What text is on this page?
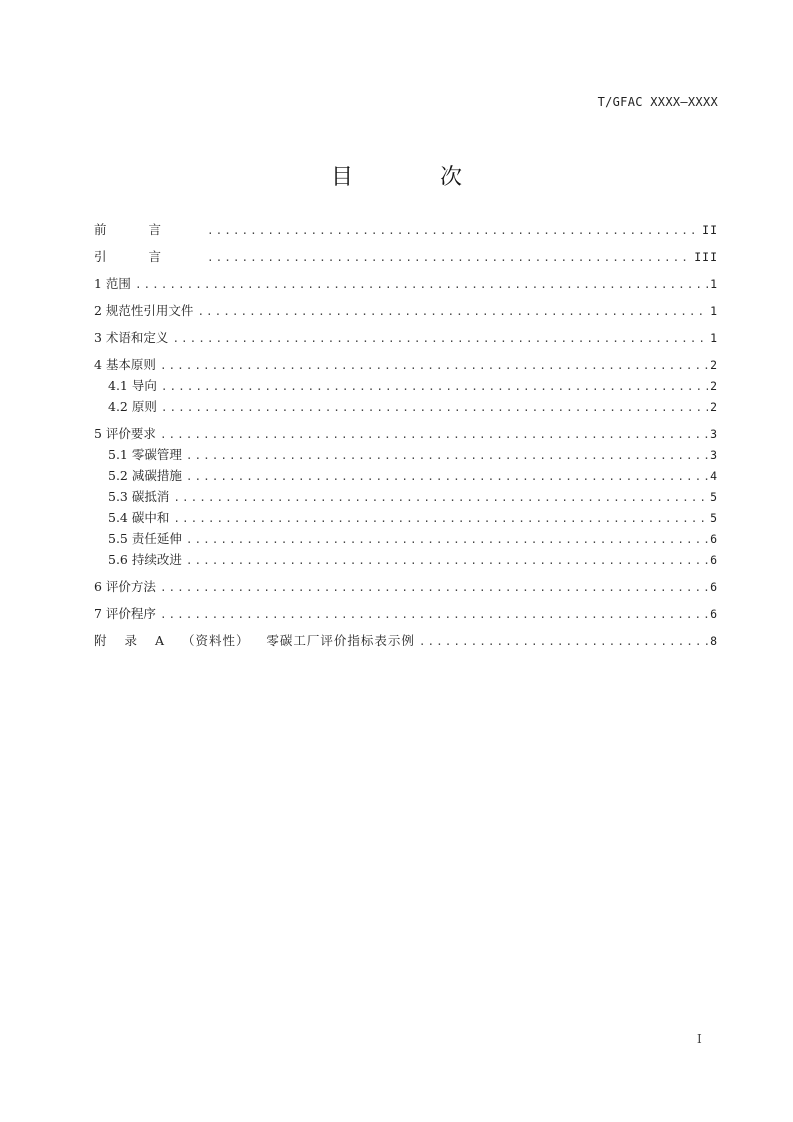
T/GFAC XXXX—XXXX
目 次
前言 .....	II
引言 .....	III
1 范围 .....	1
2 规范性引用文件 .....	1
3 术语和定义 .....	1
4 基本原则 .....	2
4.1 导向 .....	2
4.2 原则 .....	2
5 评价要求 .....	3
5.1 零碳管理 .....	3
5.2 减碳措施 .....	4
5.3 碳抵消 .....	5
5.4 碳中和 .....	5
5.5 责任延伸 .....	6
5.6 持续改进 .....	6
6 评价方法 .....	6
7 评价程序 .....	6
附 录 A （资料性） 零碳工厂评价指标表示例 .....	8
I
